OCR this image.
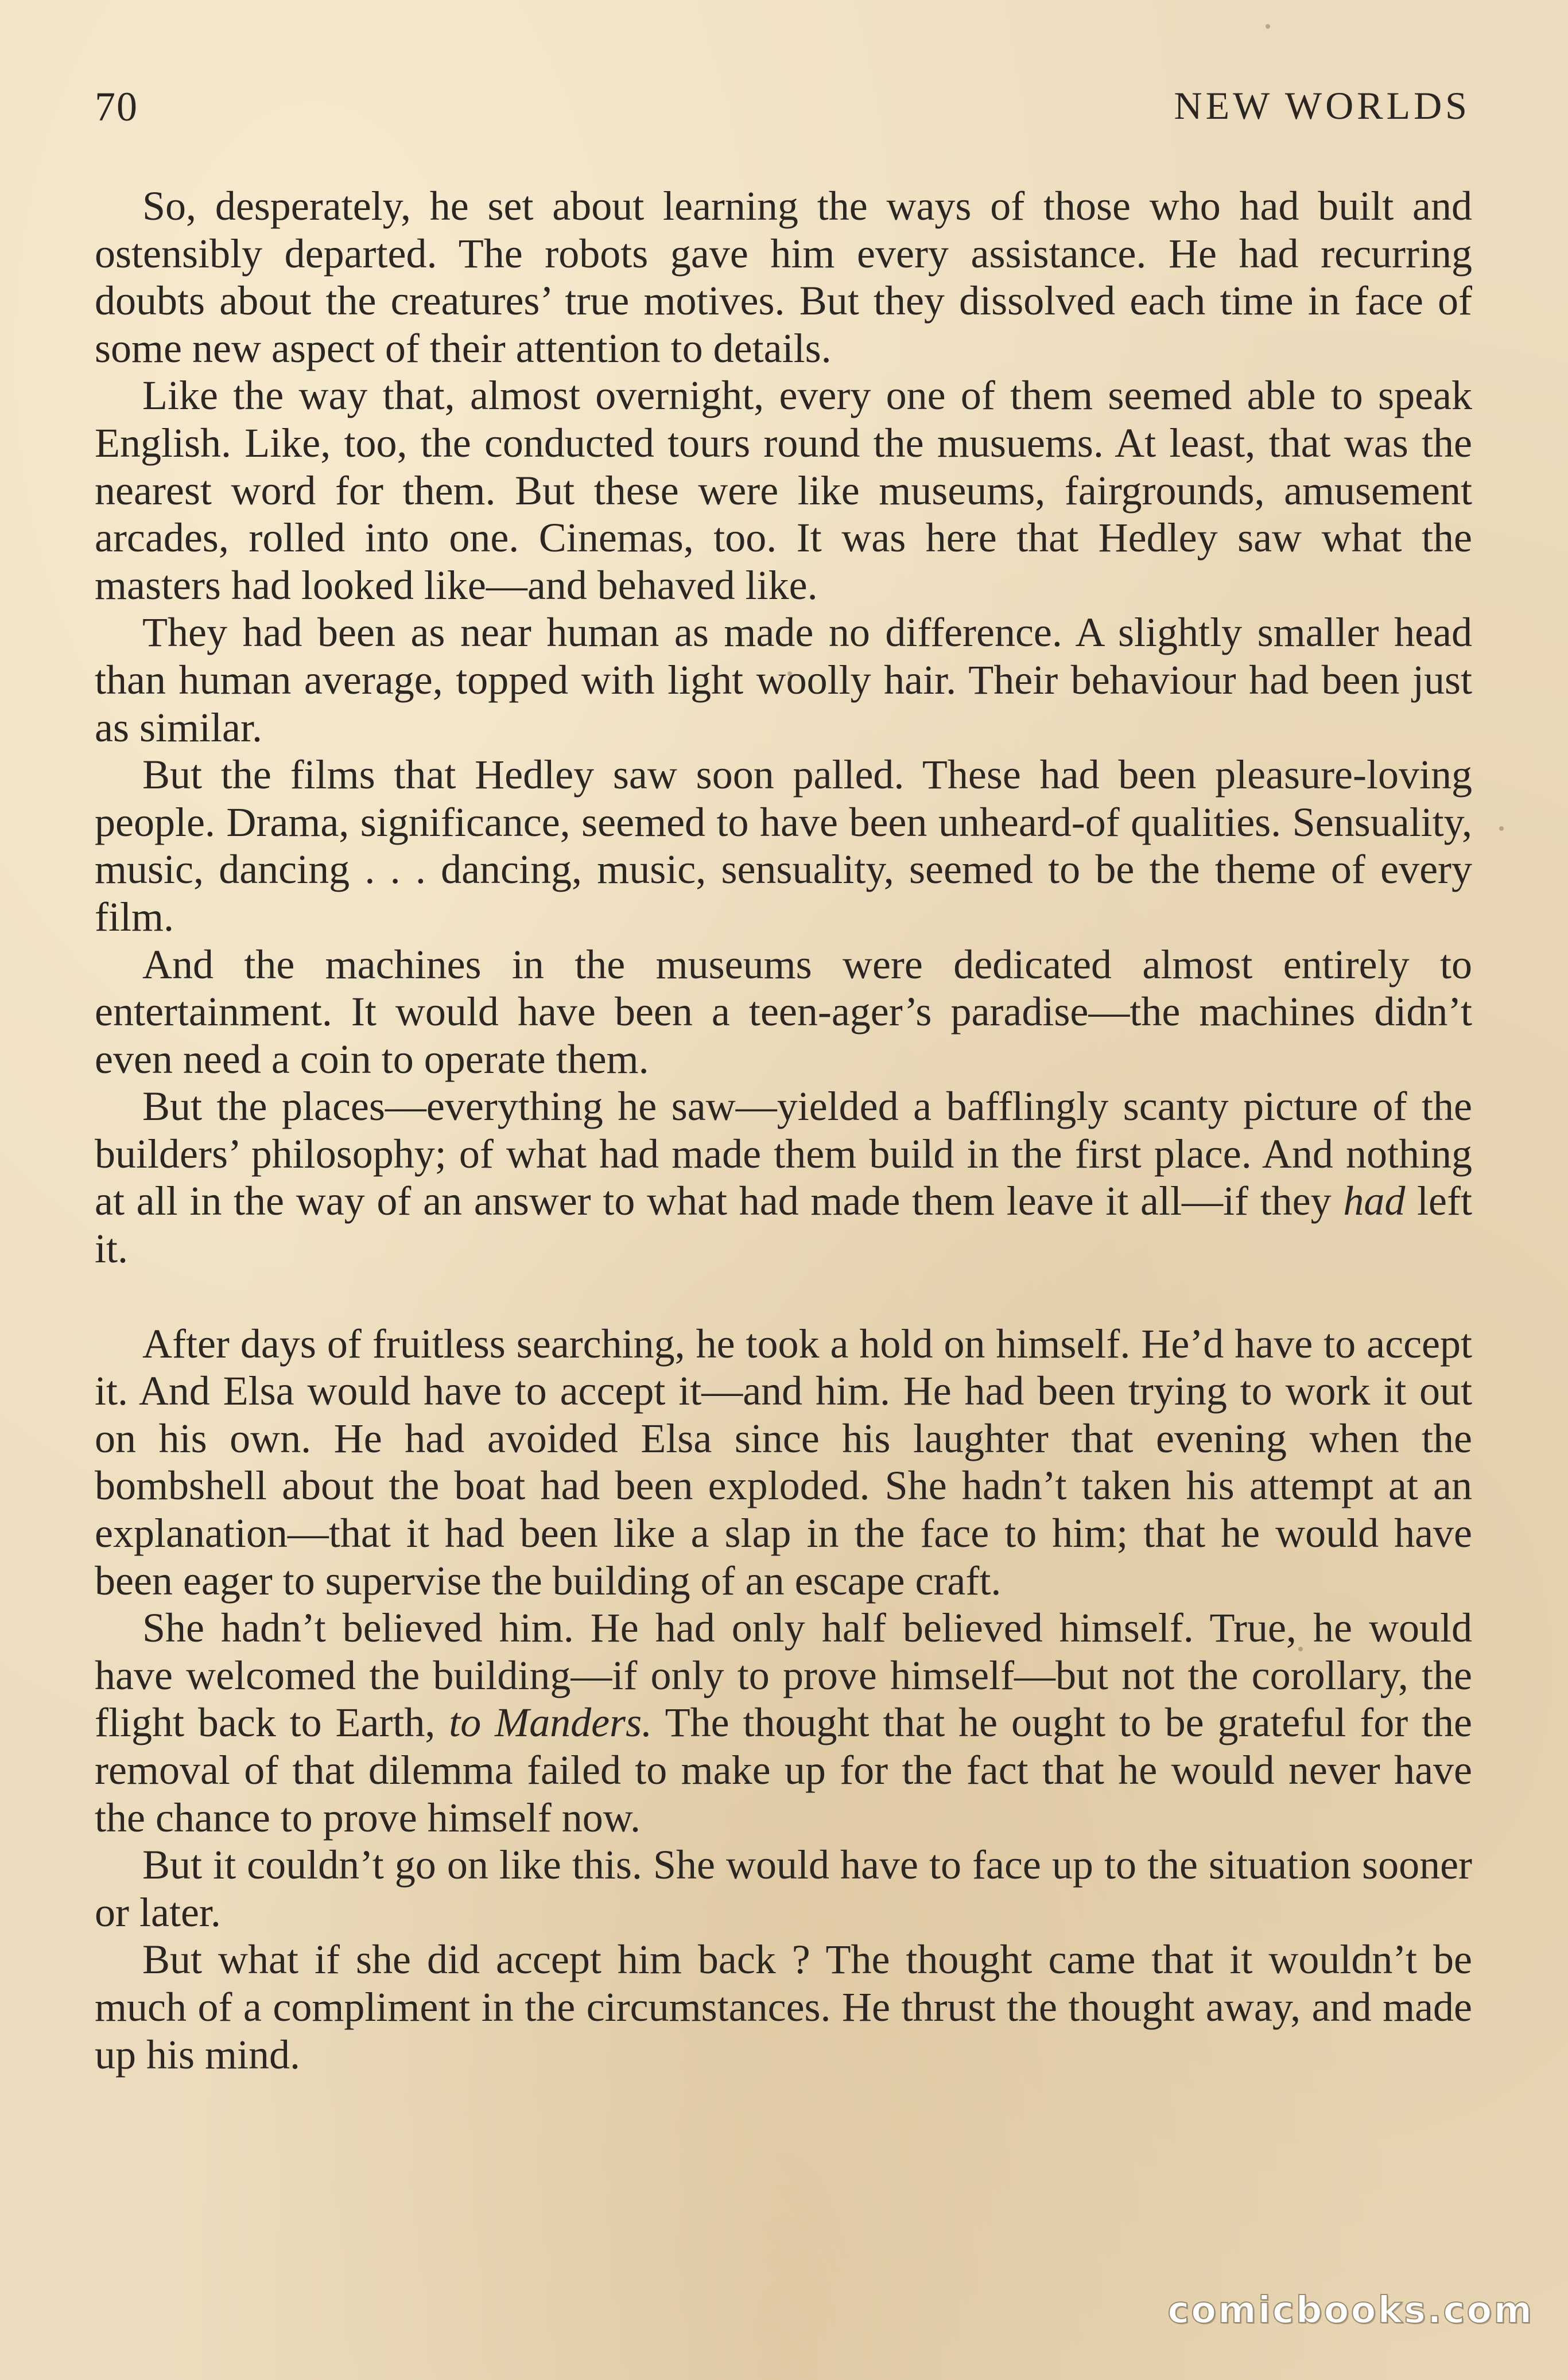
70	NEW WORLDS

So, desperately, he set about learning the ways of those who had built and ostensibly departed. The robots gave him every assistance. He had recurring doubts about the creatures’ true motives. But they dissolved each time in face of some new aspect of their attention to details.

Like the way that, almost overnight, every one of them seemed able to speak English. Like, too, the conducted tours round the musuems. At least, that was the nearest word for them. But these were like museums, fairgrounds, amusement arcades, rolled into one. Cinemas, too. It was here that Hedley saw what the masters had looked like—and behaved like.

They had been as near human as made no difference. A slightly smaller head than human average, topped with light woolly hair. Their behaviour had been just as similar.

But the films that Hedley saw soon palled. These had been pleasure-loving people. Drama, significance, seemed to have been unheard-of qualities. Sensuality, music, dancing . . . dancing, music, sensuality, seemed to be the theme of every film.

And the machines in the museums were dedicated almost entirely to entertainment. It would have been a teen-ager’s paradise—the machines didn’t even need a coin to operate them.

But the places—everything he saw—yielded a bafflingly scanty picture of the builders’ philosophy; of what had made them build in the first place. And nothing at all in the way of an answer to what had made them leave it all—if they had left it.

After days of fruitless searching, he took a hold on himself. He’d have to accept it. And Elsa would have to accept it—and him. He had been trying to work it out on his own. He had avoided Elsa since his laughter that evening when the bombshell about the boat had been exploded. She hadn’t taken his attempt at an explanation—that it had been like a slap in the face to him; that he would have been eager to supervise the building of an escape craft.

She hadn’t believed him. He had only half believed himself. True, he would have welcomed the building—if only to prove himself—but not the corollary, the flight back to Earth, to Manders. The thought that he ought to be grateful for the removal of that dilemma failed to make up for the fact that he would never have the chance to prove himself now.

But it couldn’t go on like this. She would have to face up to the situation sooner or later.

But what if she did accept him back ? The thought came that it wouldn’t be much of a compliment in the circumstances. He thrust the thought away, and made up his mind.

comicbooks.com
